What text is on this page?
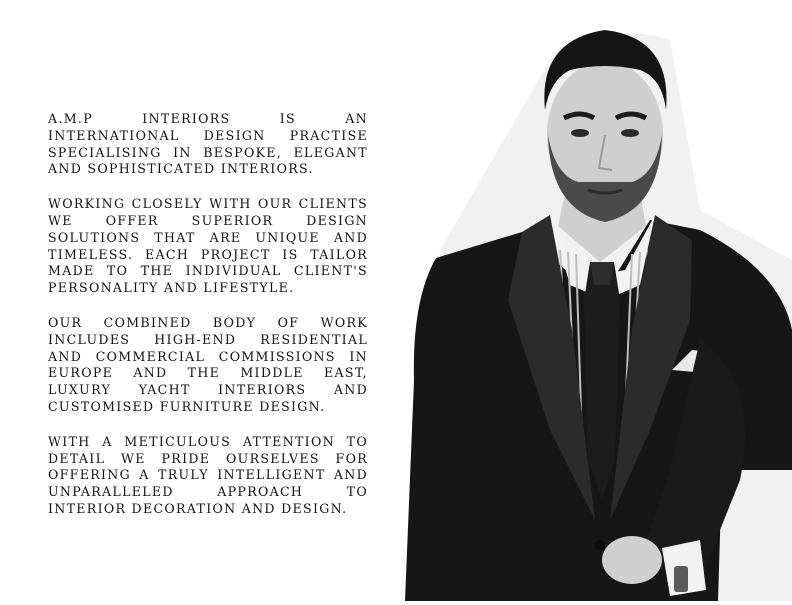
A.M.P INTERIORS IS AN INTERNATIONAL DESIGN PRACTISE SPECIALISING IN BESPOKE, ELEGANT AND SOPHISTICATED INTERIORS.

WORKING CLOSELY WITH OUR CLIENTS WE OFFER SUPERIOR DESIGN SOLUTIONS THAT ARE UNIQUE AND TIMELESS. EACH PROJECT IS TAILOR MADE TO THE INDIVIDUAL CLIENT'S PERSONALITY AND LIFESTYLE.

OUR COMBINED BODY OF WORK INCLUDES HIGH-END RESIDENTIAL AND COMMERCIAL COMMISSIONS IN EUROPE AND THE MIDDLE EAST, LUXURY YACHT INTERIORS AND CUSTOMISED FURNITURE DESIGN.

WITH A METICULOUS ATTENTION TO DETAIL WE PRIDE OURSELVES FOR OFFERING A TRULY INTELLIGENT AND UNPARALLELED APPROACH TO INTERIOR DECORATION AND DESIGN.
